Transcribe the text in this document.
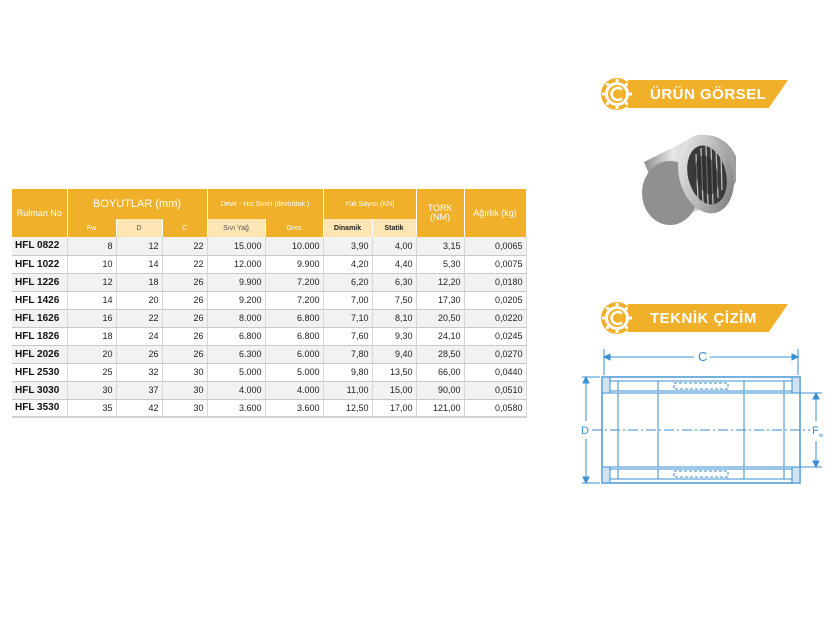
Rulman No	BOYUTLAR (mm)			Devir - Hız Sınırı (devir/dak.)		Yük Sayısı (KN)		TORK (NM)	Ağırlık (kg)
	Fw	D	C	Sıvı Yağ	Gres	Dinamik	Statik		
HFL 0822	8	12	22	15.000	10.000	3,90	4,00	3,15	0,0065
HFL 1022	10	14	22	12.000	9.900	4,20	4,40	5,30	0,0075
HFL 1226	12	18	26	9.900	7.200	6,20	6,30	12,20	0,0180
HFL 1426	14	20	26	9.200	7.200	7,00	7,50	17,30	0,0205
HFL 1626	16	22	26	8.000	6.800	7,10	8,10	20,50	0,0220
HFL 1826	18	24	26	6.800	6.800	7,60	9,30	24,10	0,0245
HFL 2026	20	26	26	6.300	6.000	7,80	9,40	28,50	0,0270
HFL 2530	25	32	30	5.000	5.000	9,80	13,50	66,00	0,0440
HFL 3030	30	37	30	4.000	4.000	11,00	15,00	90,00	0,0510
HFL 3530	35	42	30	3.600	3.600	12,50	17,00	121,00	0,0580
ÜRÜN GÖRSEL
TEKNİK ÇİZİM
C
D	F w
